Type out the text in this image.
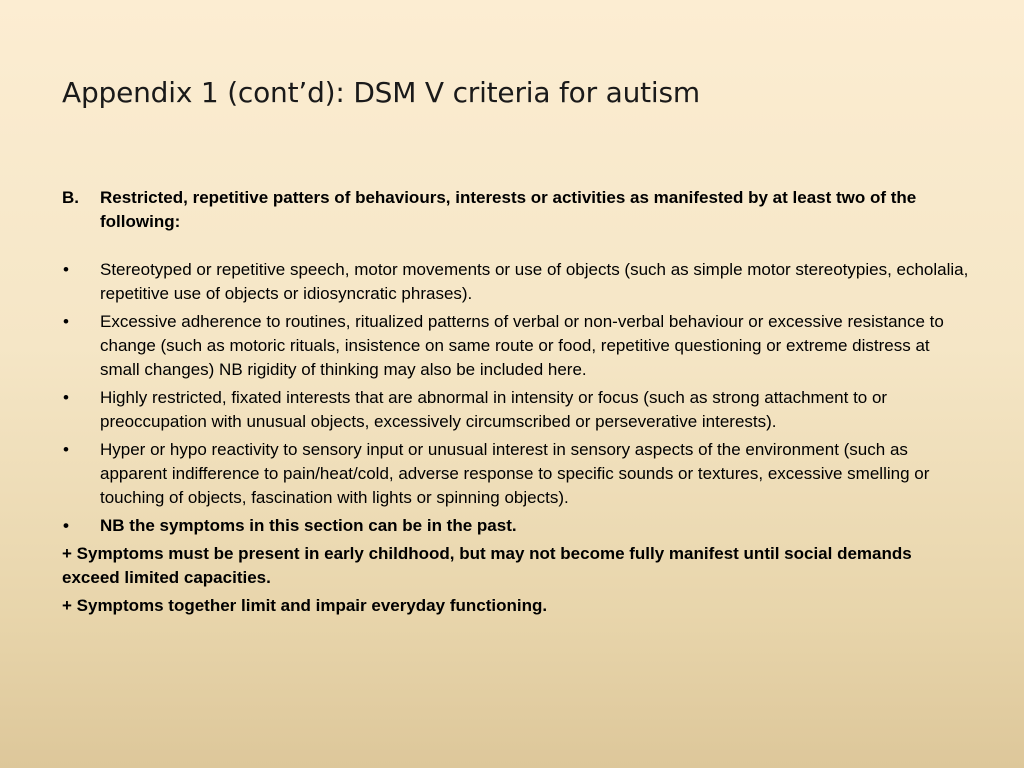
Appendix 1 (cont’d): DSM V criteria for autism
B.	Restricted, repetitive patters of behaviours, interests or activities as manifested by at least two of the following:
•	Stereotyped or repetitive speech, motor movements or use of objects (such as simple motor stereotypies, echolalia, repetitive use of objects or idiosyncratic phrases).
•	Excessive adherence to routines, ritualized patterns of verbal or non-verbal behaviour or excessive resistance to change (such as motoric rituals, insistence on same route or food, repetitive questioning or extreme distress at small changes) NB rigidity of thinking may also be included here.
•	Highly restricted, fixated interests that are abnormal in intensity or focus (such as strong attachment to or preoccupation with unusual objects, excessively circumscribed or perseverative interests).
•	Hyper or hypo reactivity to sensory input or unusual interest in sensory aspects of the environment (such as apparent indifference to pain/heat/cold, adverse response to specific sounds or textures, excessive smelling or touching of objects, fascination with lights or spinning objects).
•	NB the symptoms in this section can be in the past.
+ Symptoms must be present in early childhood, but may not become fully manifest until social demands exceed limited capacities.
+ Symptoms together limit and impair everyday functioning.
